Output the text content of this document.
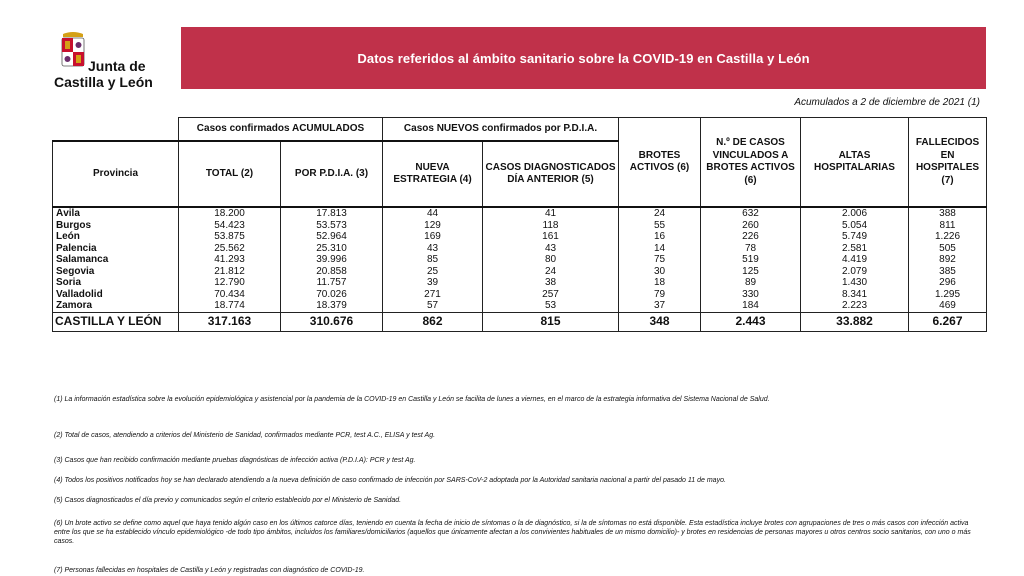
Junta de
Castilla y León
Datos referidos al ámbito sanitario sobre la COVID-19 en Castilla y León
Acumulados a 2 de diciembre de 2021 (1)
	Casos confirmados ACUMULADOS		Casos NUEVOS confirmados por P.D.I.A.		BROTES ACTIVOS (6)	N.º DE CASOS VINCULADOS A BROTES ACTIVOS (6)	ALTAS HOSPITALARIAS	FALLECIDOS EN HOSPITALES (7)
Provincia	TOTAL (2)	POR P.D.I.A. (3)	NUEVA ESTRATEGIA (4)	CASOS DIAGNOSTICADOS DÍA ANTERIOR (5)				
Ávila	18.200	17.813	44	41	24	632	2.006	388
Burgos	54.423	53.573	129	118	55	260	5.054	811
León	53.875	52.964	169	161	16	226	5.749	1.226
Palencia	25.562	25.310	43	43	14	78	2.581	505
Salamanca	41.293	39.996	85	80	75	519	4.419	892
Segovia	21.812	20.858	25	24	30	125	2.079	385
Soria	12.790	11.757	39	38	18	89	1.430	296
Valladolid	70.434	70.026	271	257	79	330	8.341	1.295
Zamora	18.774	18.379	57	53	37	184	2.223	469
CASTILLA Y LEÓN	317.163	310.676	862	815	348	2.443	33.882	6.267
(1) La información estadística sobre la evolución epidemiológica y asistencial por la pandemia de la COVID-19 en Castilla y León se facilita de lunes a viernes, en el marco de la estrategia informativa del Sistema Nacional de Salud.
(2) Total de casos, atendiendo a criterios del Ministerio de Sanidad, confirmados mediante PCR, test A.C., ELISA y test Ag.
(3) Casos que han recibido confirmación mediante pruebas diagnósticas de infección activa (P.D.I.A): PCR y test Ag.
(4) Todos los positivos notificados hoy se han declarado atendiendo a la nueva definición de caso confirmado de infección por SARS-CoV-2 adoptada por la Autoridad sanitaria nacional a partir del pasado 11 de mayo.
(5) Casos diagnosticados el día previo y comunicados según el criterio establecido por el Ministerio de Sanidad.
(6) Un brote activo se define como aquel que haya tenido algún caso en los últimos catorce días, teniendo en cuenta la fecha de inicio de síntomas o la de diagnóstico, si la de síntomas no está disponible. Esta estadística incluye brotes con agrupaciones de tres o más casos con infección activa entre los que se ha establecido vínculo epidemiológico -de todo tipo ámbitos, incluidos los familiares/domiciliarios (aquellos que únicamente afectan a los convivientes habituales de un mismo domicilio)- y brotes en residencias de personas mayores u otros centros socio sanitarios, con uno o más casos.
(7) Personas fallecidas en hospitales de Castilla y León y registradas con diagnóstico de COVID-19.
